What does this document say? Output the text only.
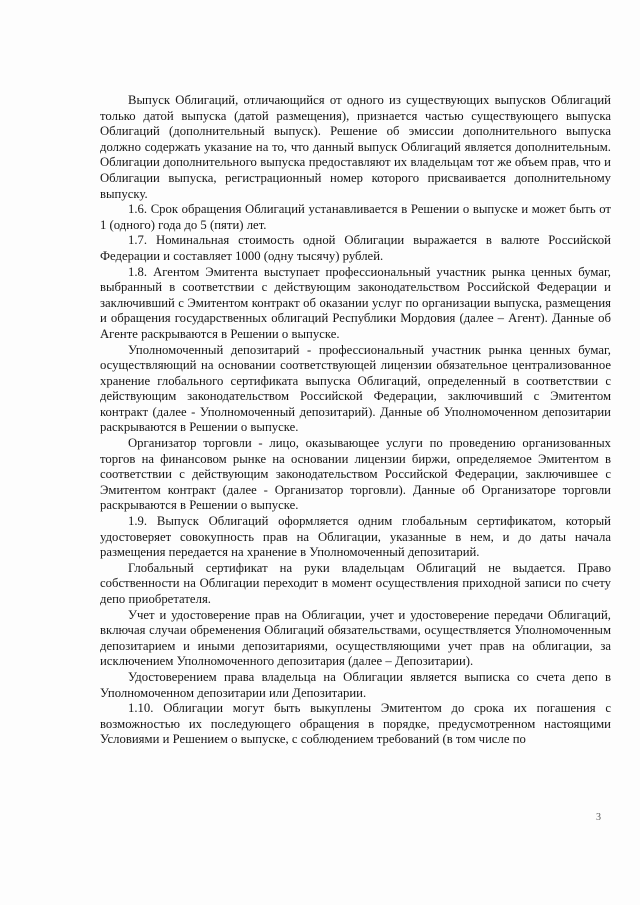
Выпуск Облигаций, отличающийся от одного из существующих выпусков Облигаций только датой выпуска (датой размещения), признается частью существующего выпуска Облигаций (дополнительный выпуск). Решение об эмиссии дополнительного выпуска должно содержать указание на то, что данный выпуск Облигаций является дополнительным. Облигации дополнительного выпуска предоставляют их владельцам тот же объем прав, что и Облигации выпуска, регистрационный номер которого присваивается дополнительному выпуску.

1.6. Срок обращения Облигаций устанавливается в Решении о выпуске и может быть от 1 (одного) года до 5 (пяти) лет.

1.7. Номинальная стоимость одной Облигации выражается в валюте Российской Федерации и составляет 1000 (одну тысячу) рублей.

1.8. Агентом Эмитента выступает профессиональный участник рынка ценных бумаг, выбранный в соответствии с действующим законодательством Российской Федерации и заключивший с Эмитентом контракт об оказании услуг по организации выпуска, размещения и обращения государственных облигаций Республики Мордовия (далее – Агент). Данные об Агенте раскрываются в Решении о выпуске.

Уполномоченный депозитарий - профессиональный участник рынка ценных бумаг, осуществляющий на основании соответствующей лицензии обязательное централизованное хранение глобального сертификата выпуска Облигаций, определенный в соответствии с действующим законодательством Российской Федерации, заключивший с Эмитентом контракт (далее - Уполномоченный депозитарий). Данные об Уполномоченном депозитарии раскрываются в Решении о выпуске.

Организатор торговли - лицо, оказывающее услуги по проведению организованных торгов на финансовом рынке на основании лицензии биржи, определяемое Эмитентом в соответствии с действующим законодательством Российской Федерации, заключившее с Эмитентом контракт (далее - Организатор торговли). Данные об Организаторе торговли раскрываются в Решении о выпуске.

1.9. Выпуск Облигаций оформляется одним глобальным сертификатом, который удостоверяет совокупность прав на Облигации, указанные в нем, и до даты начала размещения передается на хранение в Уполномоченный депозитарий.

Глобальный сертификат на руки владельцам Облигаций не выдается. Право собственности на Облигации переходит в момент осуществления приходной записи по счету депо приобретателя.

Учет и удостоверение прав на Облигации, учет и удостоверение передачи Облигаций, включая случаи обременения Облигаций обязательствами, осуществляется Уполномоченным депозитарием и иными депозитариями, осуществляющими учет прав на облигации, за исключением Уполномоченного депозитария (далее – Депозитарии).

Удостоверением права владельца на Облигации является выписка со счета депо в Уполномоченном депозитарии или Депозитарии.

1.10. Облигации могут быть выкуплены Эмитентом до срока их погашения с возможностью их последующего обращения в порядке, предусмотренном настоящими Условиями и Решением о выпуске, с соблюдением требований (в том числе по

3
